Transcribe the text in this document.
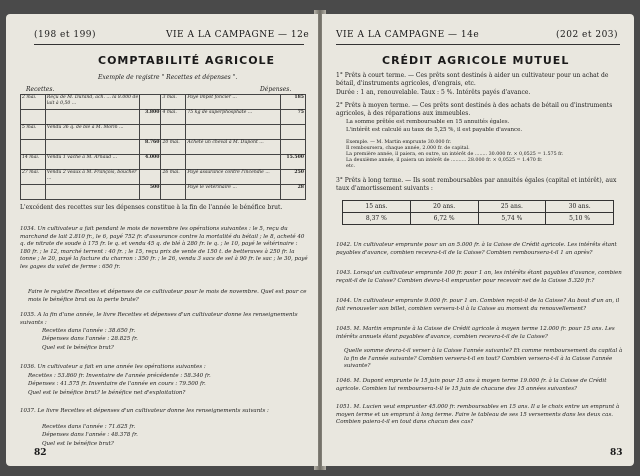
(198 et 199)	VIE A LA CAMPAGNE — 12e
COMPTABILITÉ AGRICOLE
Exemple de registre " Recettes et dépenses ".
Recettes.	Dépenses.
2 mai.	Reçu de M. Durand, ach. ... la 8.000 de lait à 0,50 ...		3 mai.	Payé impôt foncier ...	185
		3.800	4 mai.	75 kg de superphosphate ...	75
5 mai.	Vendu 36 q. de blé à M. Morin ...				
		8.760	20 mai.	Acheté un cheval à M. Dupont ...	
14 mai.	Vendu 1 vache à M. Arnaud ...	4.000			15.500
27 mai.	Vendu 2 veaux à M. François, boucher ...		26 mai.	Payé assurance contre l'incendie ...	250
		500		Payé le vétérinaire ...	28
L'excédent des recettes sur les dépenses constitue à la fin de l'année le bénéfice brut.
1034. Un cultivateur a fait pendant le mois de novembre les opérations suivantes : le 5, reçu du marchand de lait 2.810 fr., le 6, payé 752 fr. d'assurance contre la mortalité du bétail ; le 8, acheté 40 q. de nitrate de soude à 175 fr. le q. et vendu 45 q. de blé à 280 fr. le q. ; le 10, payé le vétérinaire : 180 fr. ; le 12, marché terrent : 40 fr. ; le 15, reçu prix de vente de 150 t. de betteraves à 250 fr. la tonne ; le 20, payé la facture du charron : 350 fr. ; le 26, vendu 3 sacs de sel à 90 fr. le sac ; le 30, payé les gages du valet de ferme : 650 fr.
Faire le registre Recettes et dépenses de ce cultivateur pour le mois de novembre. Quel est pour ce mois le bénéfice brut ou la perte brute?
1035. A la fin d'une année, le livre Recettes et dépenses d'un cultivateur donne les renseignements suivants :
Recettes dans l'année : 38.650 fr.
Dépenses dans l'année : 28.825 fr.
Quel est le bénéfice brut?
1036. Un cultivateur a fait en une année les opérations suivantes :
Recettes : 53.860 fr. Inventaire de l'année précédente : 58.340 fr.
Dépenses : 41.575 fr. Inventaire de l'année en cours : 79.500 fr.
Quel est le bénéfice brut? le bénéfice net d'exploitation?
1037. Le livre Recettes et dépenses d'un cultivateur donne les renseignements suivants :
Recettes dans l'année : 71.625 fr.
Dépenses dans l'année : 48.378 fr.
Quel est le bénéfice brut?
82
VIE A LA CAMPAGNE — 14e	(202 et 203)
CRÉDIT AGRICOLE MUTUEL
1° Prêts à court terme. — Ces prêts sont destinés à aider un cultivateur pour un achat de bétail, d'instruments agricoles, d'engrais, etc.
Durée : 1 an, renouvelable. Taux : 5 %. Intérêts payés d'avance.
2° Prêts à moyen terme. — Ces prêts sont destinés à des achats de bétail ou d'instruments agricoles, à des réparations aux immeubles.
La somme prêtée est remboursable en 15 annuités égales.
L'intérêt est calculé au taux de 5,25 %, il est payable d'avance.
Exemple. — M. Martin emprunte 30.000 fr.
Il remboursera, chaque année, 2.000 fr. de capital.
La première année, il paiera, en outre, un intérêt de ........ 30.000 fr. × 0,0525 = 1.575 fr.
La deuxième année, il paiera un intérêt de .......... 28.000 fr. × 0,0525 = 1.470 fr.
etc.
3° Prêts à long terme. — Ils sont remboursables par annuités égales (capital et intérêt), aux taux d'amortissement suivants :
15 ans.	20 ans.	25 ans.	30 ans.
8,37 %	6,72 %	5,74 %	5,10 %
1042. Un cultivateur emprunte pour un an 5.000 fr. à la Caisse de Crédit agricole. Les intérêts étant payables d'avance, combien recevra-t-il de la Caisse? Combien remboursera-t-il 1 an après?
1043. Lorsqu'un cultivateur emprunte 100 fr. pour 1 an, les intérêts étant payables d'avance, combien reçoit-il de la Caisse? Combien devra-t-il emprunter pour recevoir net de la Caisse 5.320 fr.?
1044. Un cultivateur emprunte 9.000 fr. pour 1 an. Combien reçoit-il de la Caisse? Au bout d'un an, il fait renouveler son billet, combien versera-t-il à la Caisse au moment du renouvellement?
1045. M. Martin emprunte à la Caisse de Crédit agricole à moyen terme 12.000 fr. pour 15 ans. Les intérêts annuels étant payables d'avance, combien recevra-t-il de la Caisse?
Quelle somme devra-t-il verser à la Caisse l'année suivante? Et comme remboursement du capital à la fin de l'année suivante? Combien versera-t-il en tout? Combien versera-t-il à la Caisse l'année suivante?
1046. M. Dupont emprunte le 15 juin pour 15 ans à moyen terme 19.000 fr. à la Caisse de Crédit agricole. Combien lui remboursera-t-il le 15 juin de chacune des 15 années suivantes?
1051. M. Lucien veut emprunter 45.000 fr. remboursables en 15 ans. Il a le choix entre un emprunt à moyen terme et un emprunt à long terme. Faire le tableau de ses 15 versements dans les deux cas. Combien paiera-t-il en tout dans chacun des cas?
83
